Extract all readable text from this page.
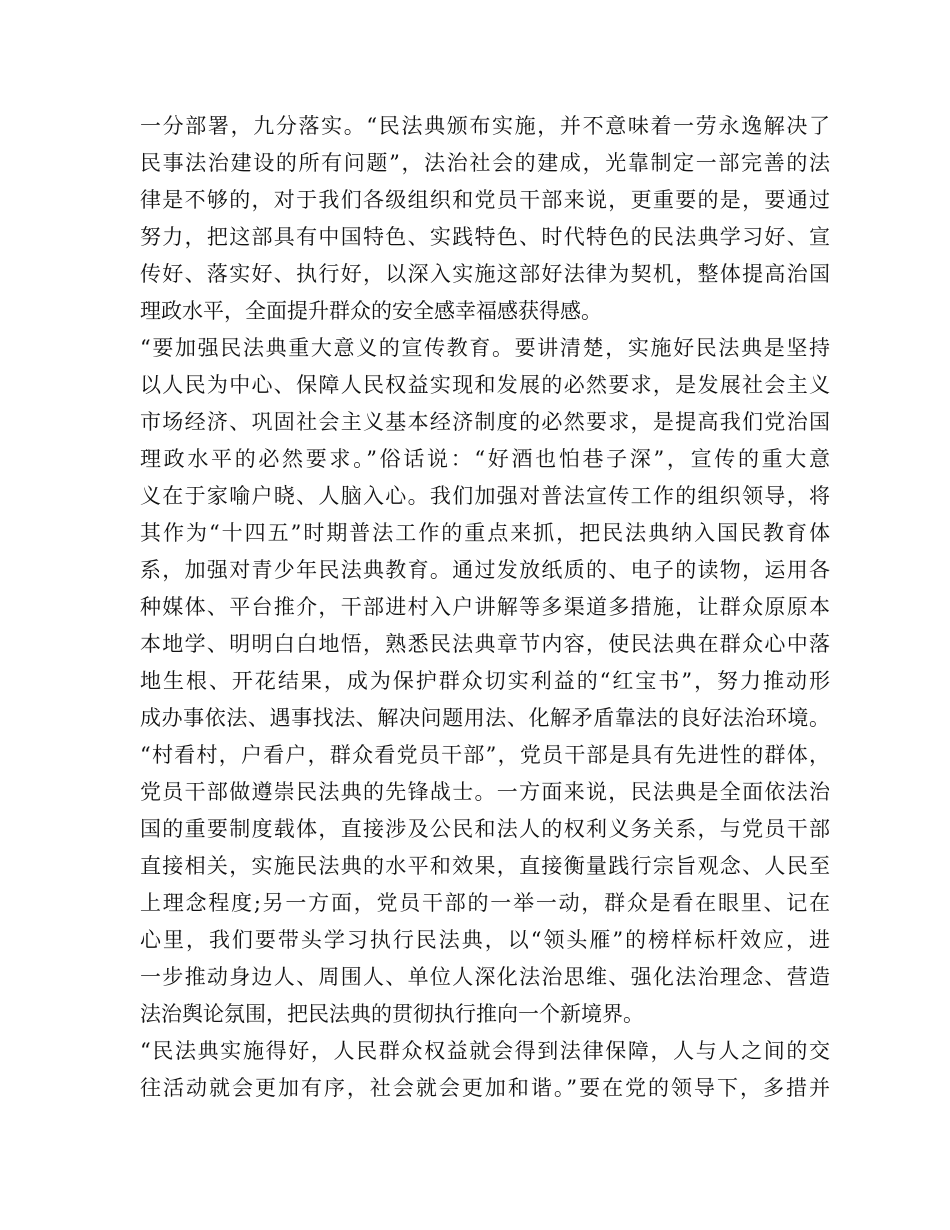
一分部署，九分落实。“民法典颁布实施，并不意味着一劳永逸解决了
民事法治建设的所有问题”，法治社会的建成，光靠制定一部完善的法
律是不够的，对于我们各级组织和党员干部来说，更重要的是，要通过
努力，把这部具有中国特色、实践特色、时代特色的民法典学习好、宣
传好、落实好、执行好，以深入实施这部好法律为契机，整体提高治国
理政水平，全面提升群众的安全感幸福感获得感。
“要加强民法典重大意义的宣传教育。要讲清楚，实施好民法典是坚持
以人民为中心、保障人民权益实现和发展的必然要求，是发展社会主义
市场经济、巩固社会主义基本经济制度的必然要求，是提高我们党治国
理政水平的必然要求。”俗话说：“好酒也怕巷子深”，宣传的重大意
义在于家喻户晓、人脑入心。我们加强对普法宣传工作的组织领导，将
其作为“十四五”时期普法工作的重点来抓，把民法典纳入国民教育体
系，加强对青少年民法典教育。通过发放纸质的、电子的读物，运用各
种媒体、平台推介，干部进村入户讲解等多渠道多措施，让群众原原本
本地学、明明白白地悟，熟悉民法典章节内容，使民法典在群众心中落
地生根、开花结果，成为保护群众切实利益的“红宝书”，努力推动形
成办事依法、遇事找法、解决问题用法、化解矛盾靠法的良好法治环境。
“村看村，户看户，群众看党员干部”，党员干部是具有先进性的群体，
党员干部做遵崇民法典的先锋战士。一方面来说，民法典是全面依法治
国的重要制度载体，直接涉及公民和法人的权利义务关系，与党员干部
直接相关，实施民法典的水平和效果，直接衡量践行宗旨观念、人民至
上理念程度;另一方面，党员干部的一举一动，群众是看在眼里、记在
心里，我们要带头学习执行民法典，以“领头雁”的榜样标杆效应，进
一步推动身边人、周围人、单位人深化法治思维、强化法治理念、营造
法治舆论氛围，把民法典的贯彻执行推向一个新境界。
“民法典实施得好，人民群众权益就会得到法律保障，人与人之间的交
往活动就会更加有序，社会就会更加和谐。”要在党的领导下，多措并
